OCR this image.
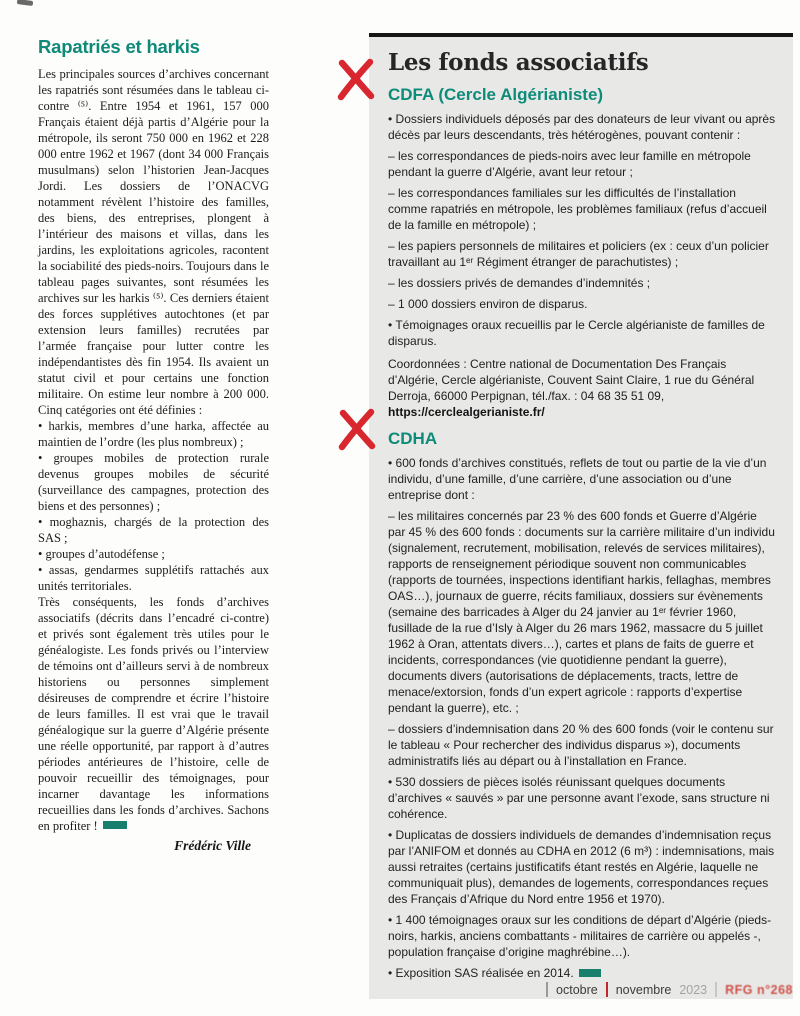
Rapatriés et harkis

Les principales sources d’archives concernant les rapatriés sont résumées dans le tableau ci-contre ⁽⁵⁾. Entre 1954 et 1961, 157 000 Français étaient déjà partis d’Algérie pour la métropole, ils seront 750 000 en 1962 et 228 000 entre 1962 et 1967 (dont 34 000 Français musulmans) selon l’historien Jean-Jacques Jordi. Les dossiers de l’ONACVG notamment révèlent l’histoire des familles, des biens, des entreprises, plongent à l’intérieur des maisons et villas, dans les jardins, les exploitations agricoles, racontent la sociabilité des pieds-noirs. Toujours dans le tableau pages suivantes, sont résumées les archives sur les harkis ⁽⁵⁾. Ces derniers étaient des forces supplétives autochtones (et par extension leurs familles) recrutées par l’armée française pour lutter contre les indépendantistes dès fin 1954. Ils avaient un statut civil et pour certains une fonction militaire. On estime leur nombre à 200 000. Cinq catégories ont été définies :

• harkis, membres d’une harka, affectée au maintien de l’ordre (les plus nombreux) ;

• groupes mobiles de protection rurale devenus groupes mobiles de sécurité (surveillance des campagnes, protection des biens et des personnes) ;

• moghaznis, chargés de la protection des SAS ;

• groupes d’autodéfense ;

• assas, gendarmes supplétifs rattachés aux unités territoriales.

Très conséquents, les fonds d’archives associatifs (décrits dans l’encadré ci-contre) et privés sont également très utiles pour le généalogiste. Les fonds privés ou l’interview de témoins ont d’ailleurs servi à de nombreux historiens ou personnes simplement désireuses de comprendre et écrire l’histoire de leurs familles. Il est vrai que le travail généalogique sur la guerre d’Algérie présente une réelle opportunité, par rapport à d’autres périodes antérieures de l’histoire, celle de pouvoir recueillir des témoignages, pour incarner davantage les informations recueillies dans les fonds d’archives. Sachons en profiter !

Frédéric Ville

Les fonds associatifs
CDFA (Cercle Algérianiste)

• Dossiers individuels déposés par des donateurs de leur vivant ou après décès par leurs descendants, très hétérogènes, pouvant contenir :

– les correspondances de pieds-noirs avec leur famille en métropole pendant la guerre d’Algérie, avant leur retour ;

– les correspondances familiales sur les difficultés de l’installation comme rapatriés en métropole, les problèmes familiaux (refus d’accueil de la famille en métropole) ;

– les papiers personnels de militaires et policiers (ex : ceux d’un policier travaillant au 1ᵉʳ Régiment étranger de parachutistes) ;

– les dossiers privés de demandes d’indemnités ;

– 1 000 dossiers environ de disparus.

• Témoignages oraux recueillis par le Cercle algérianiste de familles de disparus.

Coordonnées : Centre national de Documentation Des Français d’Algérie, Cercle algérianiste, Couvent Saint Claire, 1 rue du Général Derroja, 66000 Perpignan, tél./fax. : 04 68 35 51 09,

https://cerclealgerianiste.fr/

CDHA

• 600 fonds d’archives constitués, reflets de tout ou partie de la vie d’un individu, d’une famille, d’une carrière, d’une association ou d’une entreprise dont :

– les militaires concernés par 23 % des 600 fonds et Guerre d’Algérie par 45 % des 600 fonds : documents sur la carrière militaire d’un individu (signalement, recrutement, mobilisation, relevés de services militaires), rapports de renseignement périodique souvent non communicables (rapports de tournées, inspections identifiant harkis, fellaghas, membres OAS…), journaux de guerre, récits familiaux, dossiers sur évènements (semaine des barricades à Alger du 24 janvier au 1ᵉʳ février 1960, fusillade de la rue d’Isly à Alger du 26 mars 1962, massacre du 5 juillet 1962 à Oran, attentats divers…), cartes et plans de faits de guerre et incidents, correspondances (vie quotidienne pendant la guerre), documents divers (autorisations de déplacements, tracts, lettre de menace/extorsion, fonds d’un expert agricole : rapports d’expertise pendant la guerre), etc. ;

– dossiers d’indemnisation dans 20 % des 600 fonds (voir le contenu sur le tableau « Pour rechercher des individus disparus »), documents administratifs liés au départ ou à l’installation en France.

• 530 dossiers de pièces isolés réunissant quelques documents d’archives « sauvés » par une personne avant l’exode, sans structure ni cohérence.

• Duplicatas de dossiers individuels de demandes d’indemnisation reçus par l’ANIFOM et donnés au CDHA en 2012 (6 m³) : indemnisations, mais aussi retraites (certains justificatifs étant restés en Algérie, laquelle ne communiquait plus), demandes de logements, correspondances reçues des Français d’Afrique du Nord entre 1956 et 1970).

• 1 400 témoignages oraux sur les conditions de départ d’Algérie (pieds-noirs, harkis, anciens combattants - militaires de carrière ou appelés -, population française d’origine maghrébine…).

• Exposition SAS réalisée en 2014.

octobre novembre 2023 RFG n°268
